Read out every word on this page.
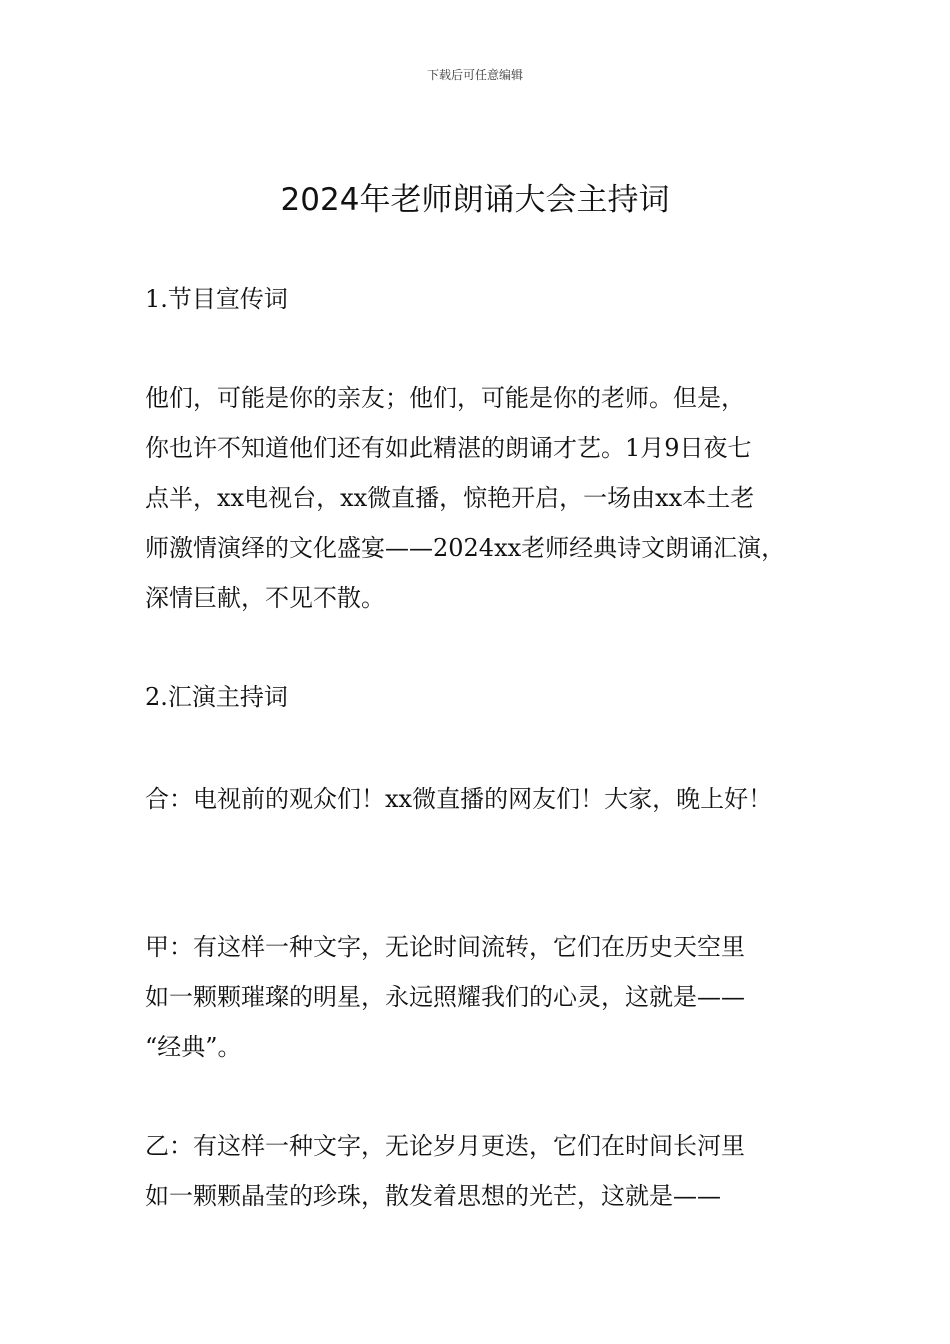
下载后可任意编辑
2024年老师朗诵大会主持词
1.节目宣传词
他们，可能是你的亲友；他们，可能是你的老师。但是，
你也许不知道他们还有如此精湛的朗诵才艺。1月9日夜七
点半，xx电视台，xx微直播，惊艳开启，一场由xx本土老
师激情演绎的文化盛宴——2024xx老师经典诗文朗诵汇演，
深情巨献，不见不散。
2.汇演主持词
合：电视前的观众们！xx微直播的网友们！大家，晚上好！
甲：有这样一种文字，无论时间流转，它们在历史天空里
如一颗颗璀璨的明星，永远照耀我们的心灵，这就是——
“经典”。
乙：有这样一种文字，无论岁月更迭，它们在时间长河里
如一颗颗晶莹的珍珠，散发着思想的光芒，这就是——
